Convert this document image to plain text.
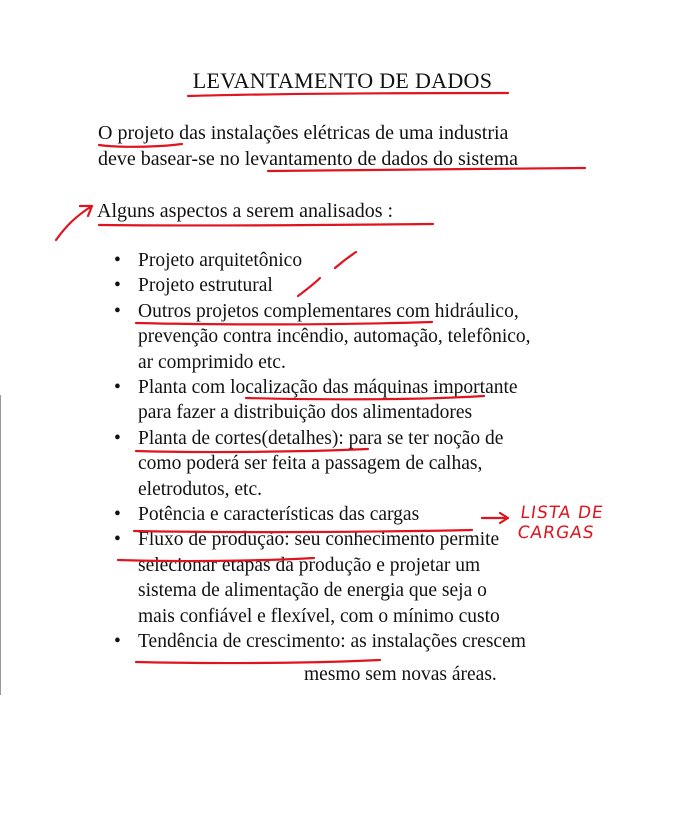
LEVANTAMENTO DE DADOS
O projeto das instalações elétricas de uma industria
deve basear-se no levantamento de dados do sistema
Alguns aspectos a serem analisados :
• Projeto arquitetônico
• Projeto estrutural
• Outros projetos complementares com hidráulico,
prevenção contra incêndio, automação, telefônico,
ar comprimido etc.
• Planta com localização das máquinas importante
para fazer a distribuição dos alimentadores
• Planta de cortes(detalhes): para se ter noção de
como poderá ser feita a passagem de calhas,
eletrodutos, etc.
• Potência e características das cargas
• Fluxo de produção: seu conhecimento permite
selecionar etapas da produção e projetar um
sistema de alimentação de energia que seja o
mais confiável e flexível, com o mínimo custo
• Tendência de crescimento: as instalações crescem
mesmo sem novas áreas.
LISTA DE CARGAS
